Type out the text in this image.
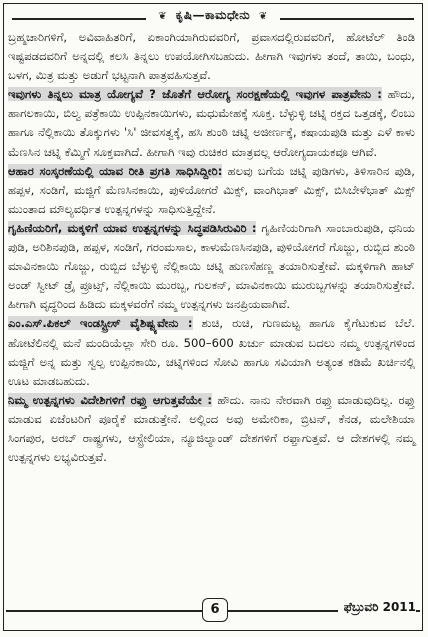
❦ ಕೃಷಿ—ಕಾಮಧೇನು ❦

ಬ್ರಹ್ಮಚಾರಿಗಳಿಗೆ, ಅವಿವಾಹಿತರಿಗೆ, ಏಕಾಂಗಿಯಾಗಿರುವವರಿಗೆ, ಪ್ರವಾಸದಲ್ಲಿರುವವರಿಗೆ, ಹೋಟೆಲ್ ತಿಂಡಿ ಇಷ್ಟಪಡದವರಿಗೆ ಅನ್ನದಲ್ಲಿ ಕಲಸಿ ತಿನ್ನಲು ಉಪಯೋಗಿಸಬಹುದು. ಹೀಗಾಗಿ ಇವುಗಳು ತಂದೆ, ತಾಯಿ, ಬಂಧು, ಬಳಗ, ಮಿತ್ರ ಮತ್ತು ಅಡುಗೆ ಭಟ್ಟನಾಗಿ ಪಾತ್ರವಹಿಸುತ್ತವೆ.

ಇವುಗಳು ತಿನ್ನಲು ಮಾತ್ರ ಯೋಗ್ಯವೆ ? ಜೊತೆಗೆ ಆರೋಗ್ಯ ಸಂರಕ್ಷಣೆಯಲ್ಲಿ ಇವುಗಳ ಪಾತ್ರವೇನು : ಹೌದು, ಹಾಗಲಕಾಯಿ, ಬಿಲ್ವ ಪತ್ರೆಕಾಯಿ ಉಪ್ಪಿನಕಾಯಿಗಳು, ಮಧುಮೇಹಕ್ಕೆ ಸೂಕ್ತ. ಬೆಳ್ಳುಳ್ಳಿ ಚಟ್ನಿ ರಕ್ತದ ಒತ್ತಡಕ್ಕೆ, ಲಿಂಬು ಹಾಗೂ ನೆಲ್ಲಿಕಾಯಿ ತೊಕ್ಕುಗಳು 'ಸಿ' ಜೀವಸತ್ವಕ್ಕೆ, ಹಸಿ ಶುಂಠಿ ಚಟ್ನಿ ಅಜೀರ್ಣಕ್ಕೆ, ಕಷಾಯಪುಡಿ ಮತ್ತು ಎಳೆ ಕಾಳು ಮೆಣಸಿನ ಚಟ್ನಿ ಕೆಮ್ಮಿಗೆ ಸೂಕ್ತವಾಗಿದೆ. ಹೀಗಾಗಿ ಇವು ರುಚಿಕರ ಮಾತ್ರವಲ್ಲ ಆರೋಗ್ಯದಾಯಕವೂ ಆಗಿವೆ.

ಆಹಾರ ಸಂಸ್ಕರಣೆಯಲ್ಲಿ ಯಾವ ರೀತಿ ಪ್ರಗತಿ ಸಾಧಿಸಿದ್ದೀರಿ: ಹಲವು ಬಗೆಯ ಚಟ್ನಿ ಪುಡಿಗಳು, ತಿಳಿಸಾರಿನ ಪುಡಿ, ಹಪ್ಪಳ, ಸಂಡಿಗೆ, ಮಜ್ಜಿಗೆ ಮೆಣಸಿನಕಾಯಿ, ಪುಳಿಯೋಗರೆ ಮಿಕ್ಸ್, ವಾಂಗಿಭಾತ್ ಮಿಕ್ಸ್, ಬಿಸಿಬೇಳೆಭಾತ್ ಮಿಕ್ಸ್ ಮುಂತಾದ ಮೌಲ್ಯವರ್ಧಿತ ಉತ್ಪನ್ನಗಳನ್ನು ಸಾಧಿಸುತ್ತಿದ್ದೇನೆ.

ಗೃಹಿಣಿಯರಿಗೆ, ಮಕ್ಕಳಿಗೆ ಯಾವ ಉತ್ಪನ್ನಗಳನ್ನು ಸಿದ್ಧಪಡಿಸಿರುವಿರಿ : ಗೃಹಿಣಿಯರಿಗಾಗಿ ಸಾಂಬಾರುಪುಡಿ, ಧನಿಯ ಪುಡಿ, ಅರಿಶಿನಪುಡಿ, ಹಪ್ಪಳ, ಸಂಡಿಗೆ, ಗರಂಮಸಾಲ, ಕಾಳುಮೆಣಸಿನಪುಡಿ, ಪುಳಿಯೋಗರೆ ಗೊಜ್ಜು, ರುಬ್ಬಿದ ಶುಂಠಿ ಮಾವಿನಕಾಯಿ ಗೊಜ್ಜು, ರುಬ್ಬಿದ ಬೆಳ್ಳುಳ್ಳಿ ನೆಲ್ಲಿಕಾಯಿ ಚಟ್ನಿ ಹುಣಸೆಹಣ್ಣ ತಯಾರಿಸುತ್ತೇವೆ. ಮಕ್ಕಳಿಗಾಗಿ ಹಾಟ್ ಅಂಡ್ ಸ್ವೀಟ್ ಡ್ರೈ ಪ್ರೂಟ್ಸ್, ನೆಲ್ಲಿಕಾಯಿ ಮುರಬ್ಬ, ಗುಲಕನ್, ಮಾವಿನಕಾಯಿ ಮುರುಬ್ಬಗಳನ್ನು ತಯಾರಿಸುತ್ತೇವೆ. ಹೀಗಾಗಿ ವೃದ್ಧರಿಂದ ಹಿಡಿದು ಮಕ್ಕಳವರೆಗೆ ನಮ್ಮ ಉತ್ಪನ್ನಗಳು ಜನಪ್ರಿಯವಾಗಿವೆ.

ಎಂ.ಎಸ್.ಪಿಕಲ್ ಇಂಡಸ್ಟ್ರೀಸ್ ವೈಶಿಷ್ಟ್ಯವೇನು : ಶುಚಿ, ರುಚಿ, ಗುಣಮಟ್ಟ ಹಾಗೂ ಕೈಗೆಟುಕುವ ಬೆಲೆ. ಹೋಟೆಲಿನಲ್ಲಿ ಮನೆ ಮಂದಿಯೆಲ್ಲಾ ಸೇರಿ ರೂ. 500–600 ಖರ್ಚು ಮಾಡುವ ಬದಲು ನಮ್ಮ ಉತ್ಪನ್ನಗಳಿಂದ ಮಜ್ಜಿಗೆ ಅನ್ನ ಮತ್ತು ಸ್ವಲ್ಪ ಉಪ್ಪಿನಕಾಯಿ, ಚಟ್ನಿಗಳಿಂದ ಸೋವಿ ಹಾಗೂ ಸವಿಯಾಗಿ ಅತ್ಯಂತ ಕಡಿಮೆ ಖರ್ಚಿನಲ್ಲಿ ಊಟ ಮಾಡಬಹುದು.

ನಿಮ್ಮ ಉತ್ಪನ್ನಗಳು ವಿದೇಶಿಗಳಿಗೆ ರಫ್ತು ಆಗುತ್ತವೆಯೇ : ಹೌದು. ನಾನು ನೇರವಾಗಿ ರಫ್ತು ಮಾಡುವುದಿಲ್ಲ. ರಫ್ತು ಮಾಡುವ ಏಜೆಂಟರಿಗೆ ಪೂರೈಕೆ ಮಾಡುತ್ತೇನೆ. ಅಲ್ಲಿಂದ ಅವು ಅಮೇರಿಕಾ, ಬ್ರಿಟನ್, ಕೆನಡ, ಮಲೇಶಿಯಾ ಸಿಂಗಪುರ, ಅರಬ್ ರಾಷ್ಟ್ರಗಳು, ಆಸ್ಟ್ರೇಲಿಯಾ, ನ್ಯೂಜಿಲ್ಯಾಂಡ್ ದೇಶಗಳಿಗೆ ರಫ್ತಾಗುತ್ತವೆ. ಆ ದೇಶಗಳಲ್ಲಿ ನಮ್ಮ ಉತ್ಪನ್ನಗಳು ಲಭ್ಯವಿರುತ್ತವೆ.

6	ಫೆಬ್ರುವರಿ 2011
